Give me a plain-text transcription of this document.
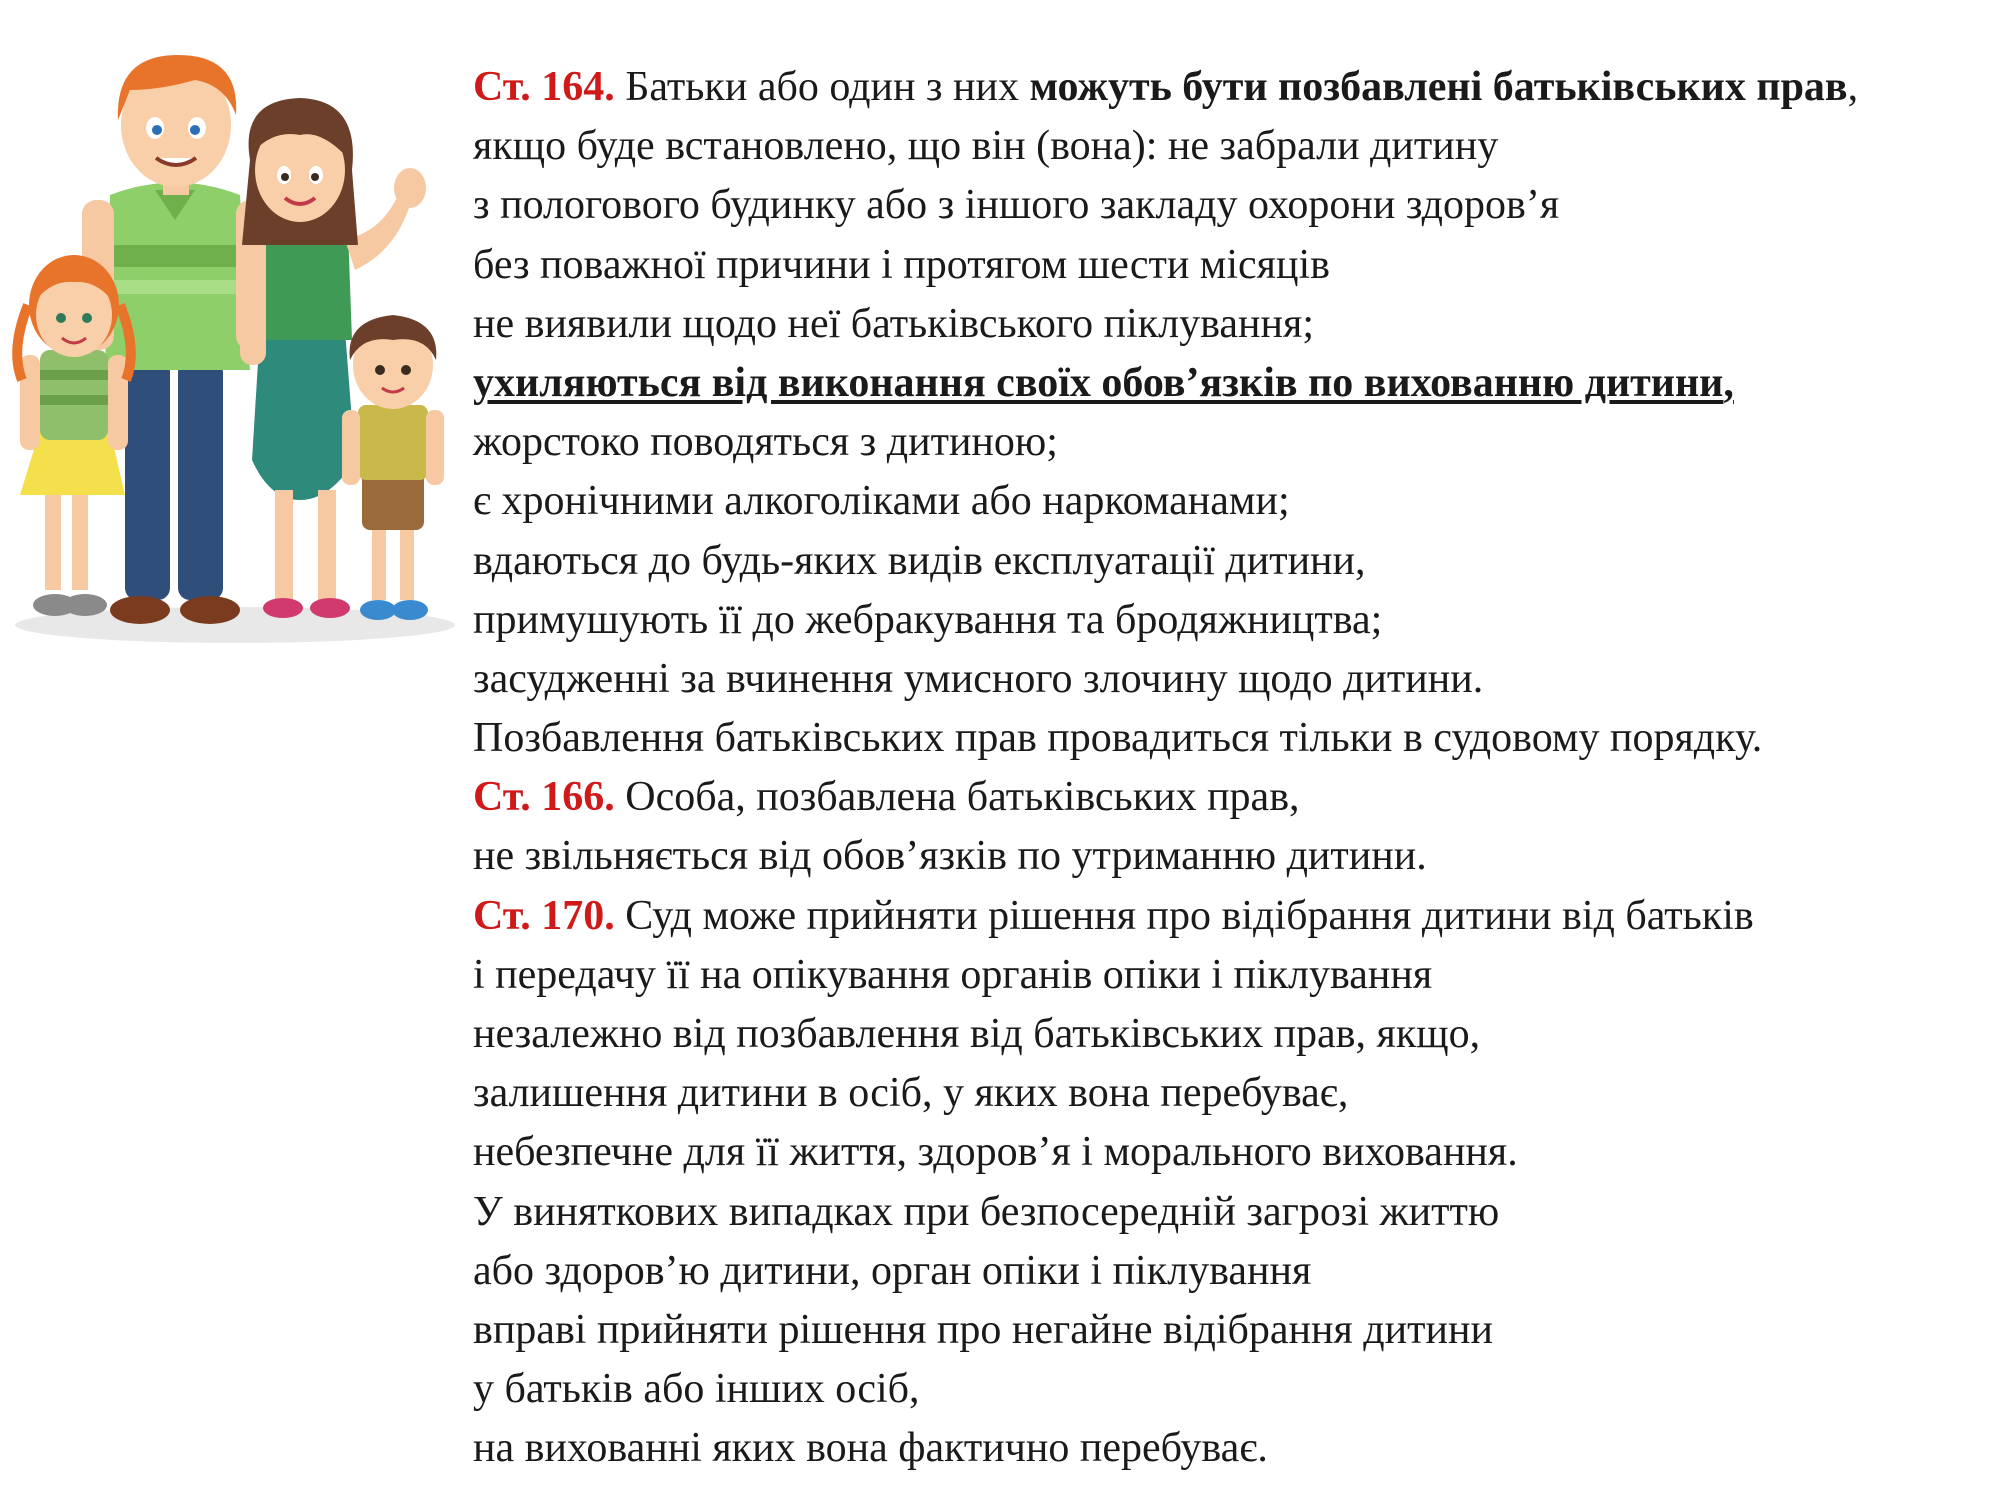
Ст. 164. Батьки або один з них можуть бути позбавлені батьківських прав,
якщо буде встановлено, що він (вона): не забрали дитину
з пологового будинку або з іншого закладу охорони здоров’я
без поважної причини і протягом шести місяців
не виявили щодо неї батьківського піклування;
ухиляються від виконання своїх обов’язків по вихованню дитини,
жорстоко поводяться з дитиною;
є хронічними алкоголіками або наркоманами;
вдаються до будь-яких видів експлуатації дитини,
примушують її до жебракування та бродяжництва;
засудженні за вчинення умисного злочину щодо дитини.
Позбавлення батьківських прав провадиться тільки в судовому порядку.
Ст. 166. Особа, позбавлена батьківських прав,
не звільняється від обов’язків по утриманню дитини.
Ст. 170. Суд може прийняти рішення про відібрання дитини від батьків
і передачу її на опікування органів опіки і піклування
незалежно від позбавлення від батьківських прав, якщо,
залишення дитини в осіб, у яких вона перебуває,
небезпечне для її життя, здоров’я і морального виховання.
У виняткових випадках при безпосередній загрозі життю
або здоров’ю дитини, орган опіки і піклування
вправі прийняти рішення про негайне відібрання дитини
у батьків або інших осіб,
на вихованні яких вона фактично перебуває.
